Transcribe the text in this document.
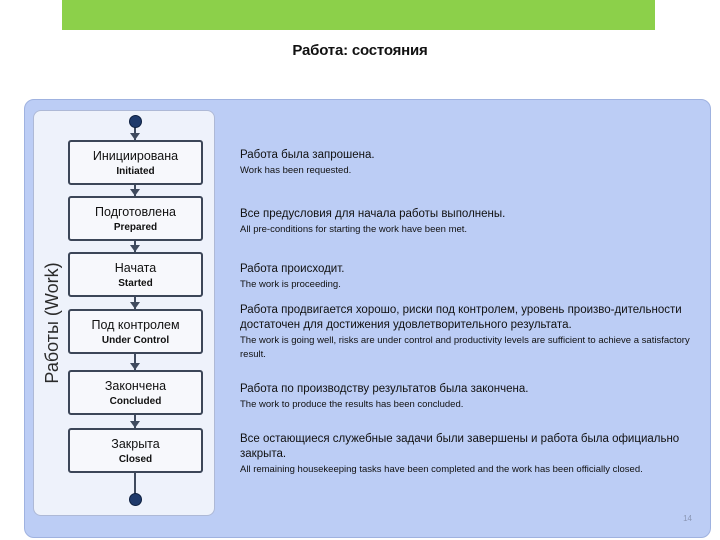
Работа: состояния
Работы (Work)
Инициирована
Initiated
Подготовлена
Prepared
Начата
Started
Под контролем
Under Control
Закончена
Concluded
Закрыта
Closed
Работа была запрошена.
Work has been requested.
Все предусловия для начала работы выполнены.
All pre-conditions for starting the work have been met.
Работа происходит.
The work is proceeding.
Работа продвигается хорошо, риски под контролем, уровень произво-дительности достаточен для достижения удовлетворительного результата.
The work is going well, risks are under control and productivity levels are sufficient to achieve a satisfactory result.
Работа по производству результатов была закончена.
The work to produce the results has been concluded.
Все остающиеся служебные задачи были завершены и работа была официально закрыта.
All remaining housekeeping tasks have been completed and the work has been officially closed.
14
